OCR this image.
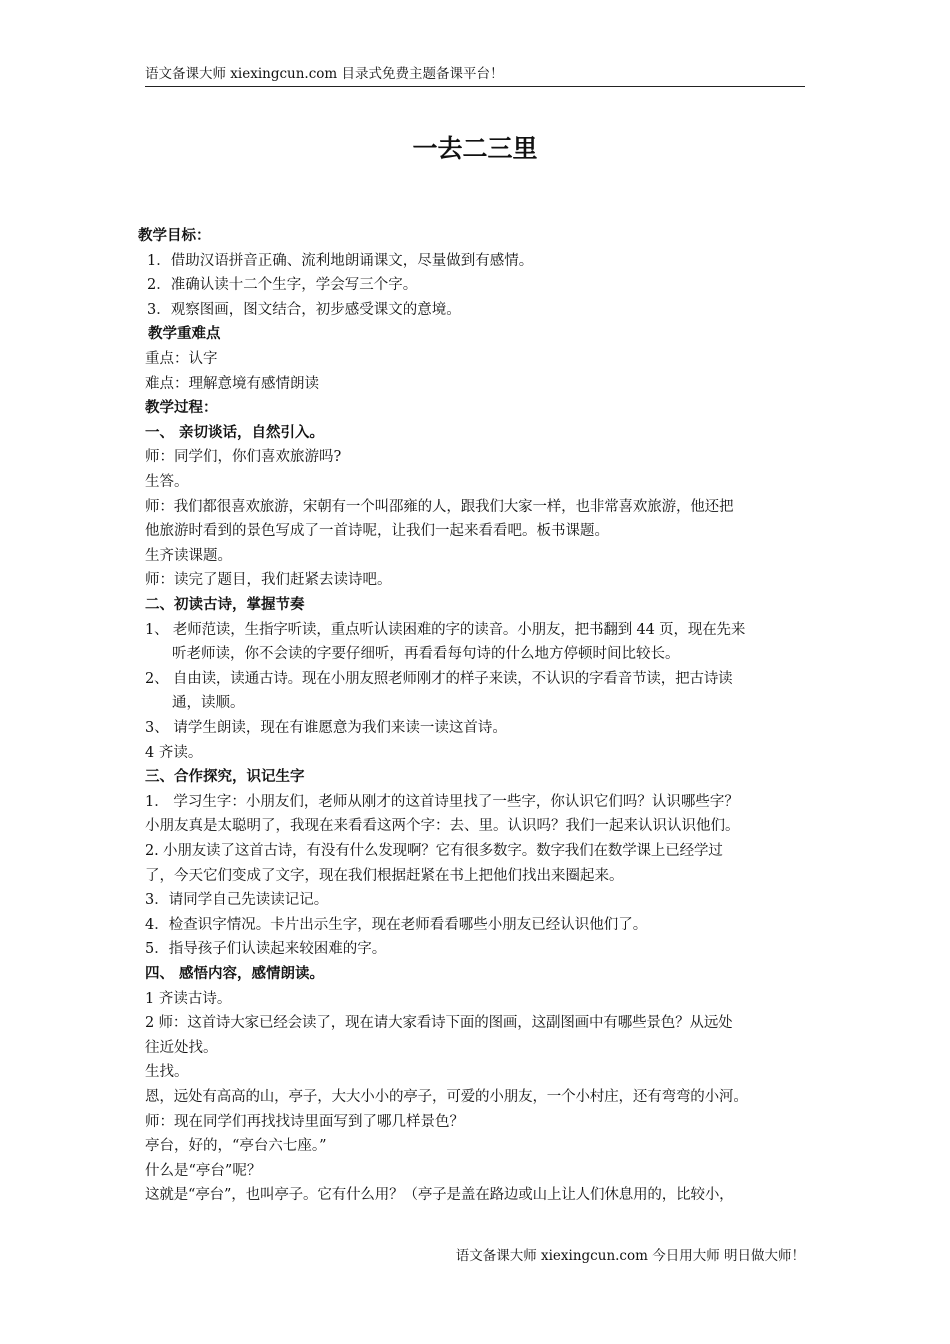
语文备课大师 xiexingcun.com 目录式免费主题备课平台！
一去二三里
教学目标：
1．借助汉语拼音正确、流利地朗诵课文，尽量做到有感情。
2．准确认读十二个生字，学会写三个字。
3．观察图画，图文结合，初步感受课文的意境。
教学重难点
重点：认字
难点：理解意境有感情朗读
教学过程：
一、 亲切谈话，自然引入。
师：同学们，你们喜欢旅游吗?
生答。
师：我们都很喜欢旅游，宋朝有一个叫邵雍的人，跟我们大家一样，也非常喜欢旅游，他还把
他旅游时看到的景色写成了一首诗呢，让我们一起来看看吧。板书课题。
生齐读课题。
师：读完了题目，我们赶紧去读诗吧。
二、初读古诗，掌握节奏
1、 老师范读，生指字听读，重点听认读困难的字的读音。小朋友，把书翻到 44 页，现在先来
听老师读，你不会读的字要仔细听，再看看每句诗的什么地方停顿时间比较长。
2、 自由读，读通古诗。现在小朋友照老师刚才的样子来读，不认识的字看音节读，把古诗读
通，读顺。
3、 请学生朗读，现在有谁愿意为我们来读一读这首诗。
4 齐读。
三、合作探究，识记生字
1． 学习生字：小朋友们，老师从刚才的这首诗里找了一些字，你认识它们吗？认识哪些字？
小朋友真是太聪明了，我现在来看看这两个字：去、里。认识吗？我们一起来认识认识他们。
2. 小朋友读了这首古诗，有没有什么发现啊？它有很多数字。数字我们在数学课上已经学过
了，今天它们变成了文字，现在我们根据赶紧在书上把他们找出来圈起来。
3．请同学自己先读读记记。
4．检查识字情况。卡片出示生字，现在老师看看哪些小朋友已经认识他们了。
5．指导孩子们认读起来较困难的字。
四、 感悟内容，感情朗读。
1 齐读古诗。
2 师：这首诗大家已经会读了，现在请大家看诗下面的图画，这副图画中有哪些景色？从远处
往近处找。
生找。
恩，远处有高高的山，亭子，大大小小的亭子，可爱的小朋友，一个小村庄，还有弯弯的小河。
师：现在同学们再找找诗里面写到了哪几样景色？
亭台，好的，“亭台六七座。”
什么是“亭台”呢？
这就是“亭台”，也叫亭子。它有什么用？（亭子是盖在路边或山上让人们休息用的，比较小，
语文备课大师 xiexingcun.com 今日用大师 明日做大师！
